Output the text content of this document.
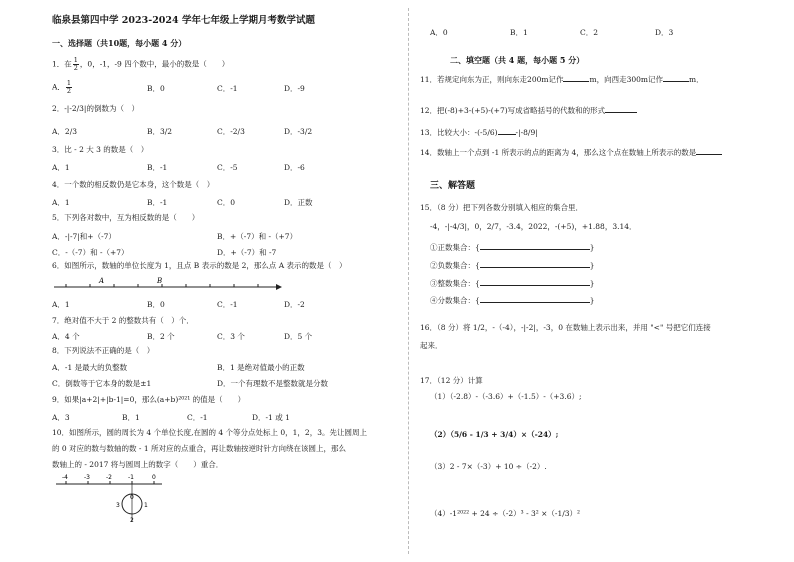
临泉县第四中学 2023-2024 学年七年级上学期月考数学试题
一、选择题（共10题，每小题 4 分）
1．在 $\frac{1}{2}$ ，0，-1，-9 四个数中，最小的数是（　　）
A． $\frac{1}{2}$	B．0	C．-1	D．-9
2．-|-2/3|的倒数为（　）
A．2/3	B．3/2	C．-2/3	D．-3/2
3．比 - 2 大 3 的数是（　）
A．1	B．-1	C．-5	D．-6
4．一个数的相反数仍是它本身，这个数是（　）
A．1	B．-1	C．0	D．正数
5．下列各对数中，互为相反数的是（　　）
A．-|-7|和+（-7）	B．+（-7）和 -（+7）
C．-（-7）和 -（+7）	D．+（-7）和 -7
6．如图所示，数轴的单位长度为 1，且点 B 表示的数是 2，那么点 A 表示的数是（　）
A	B
A．1	B．0	C．-1	D．-2
7．绝对值不大于 2 的整数共有（　）个．
A．4 个	B．2 个	C．3 个	D．5 个
8．下列说法不正确的是（　）
A．-1 是最大的负整数	B．1 是绝对值最小的正数
C．倒数等于它本身的数是±1	D．一个有理数不是整数就是分数
9．如果|a+2|+|b-1|=0，那么(a+b)²⁰²¹ 的值是（　　）
A．3	B．1	C．-1	D．-1 或 1
10．如图所示，圆的周长为 4 个单位长度,在圆的 4 个等分点处标上 0，1，2，3。先让圆周上
的 0 对应的数与数轴的数 - 1 所对应的点重合，再让数轴按逆时针方向绕在该圆上，那么
数轴上的 - 2017 将与圆周上的数字（　　）重合．
-4	-3	-2	-1	0
0
1
2
3
A．0	B．1	C．2	D．3
二、填空题（共 4 题，每小题 5 分）
11．若规定向东为正，则向东走200m记作	m，向西走300m记作	m．
12．把(-8)+3-(+5)-(+7)写成省略括号的代数和的形式
13．比较大小：-(-5/6) -|-8/9|
14．数轴上一个点到 -1 所表示的点的距离为 4，那么这个点在数轴上所表示的数是
三、解答题
15．（8 分）把下列各数分别填入相应的集合里．
-4，-|-4/3|，0，2/7，-3.4，2022，-(+5)，+1.88，3.14．
①正数集合：{	}
②负数集合：{	}
③整数集合：{	}
④分数集合：{	}
16．（8 分）将 1/2，-（-4），-|-2|，-3，0 在数轴上表示出来，并用 "<" 号把它们连接
起来．
17．（12 分）计算
（1）（-2.8）-（-3.6）+（-1.5）-（+3.6）;
（2）（5/6 - 1/3 + 3/4）×（-24）;
（3）2 - 7×（-3）+ 10 ÷（-2）.
（4）-1²⁰²² + 24 ÷（-2）³ - 3² ×（-1/3）²
